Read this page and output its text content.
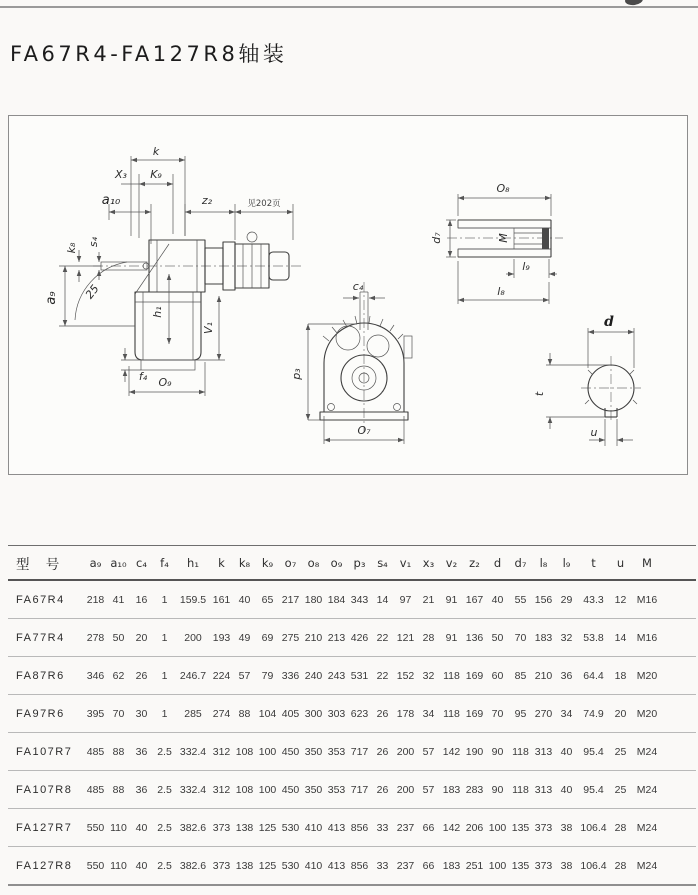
FA67R4-FA127R8轴装
k
X₃ K₉
a₁₀	z₂	见202页
k₈
s₄
a₉ 25
h₁
V₁
f₄ O₉
c₄
p₃
O₇
M
O₈
d₇
l₉
l₈
d
t
u
型 号	a₉	a₁₀	c₄	f₄	h₁	k	k₈	k₉	o₇	o₈	o₉	p₃	s₄	v₁	x₃	v₂	z₂	d	d₇	l₈	l₉	t	u	M	
FA67R4	218	41	16	1	159.5	161	40	65	217	180	184	343	14	97	21	91	167	40	55	156	29	43.3	12	M16	
FA77R4	278	50	20	1	200	193	49	69	275	210	213	426	22	121	28	91	136	50	70	183	32	53.8	14	M16	
FA87R6	346	62	26	1	246.7	224	57	79	336	240	243	531	22	152	32	118	169	60	85	210	36	64.4	18	M20	
FA97R6	395	70	30	1	285	274	88	104	405	300	303	623	26	178	34	118	169	70	95	270	34	74.9	20	M20	
FA107R7	485	88	36	2.5	332.4	312	108	100	450	350	353	717	26	200	57	142	190	90	118	313	40	95.4	25	M24	
FA107R8	485	88	36	2.5	332.4	312	108	100	450	350	353	717	26	200	57	183	283	90	118	313	40	95.4	25	M24	
FA127R7	550	110	40	2.5	382.6	373	138	125	530	410	413	856	33	237	66	142	206	100	135	373	38	106.4	28	M24	
FA127R8	550	110	40	2.5	382.6	373	138	125	530	410	413	856	33	237	66	183	251	100	135	373	38	106.4	28	M24	
